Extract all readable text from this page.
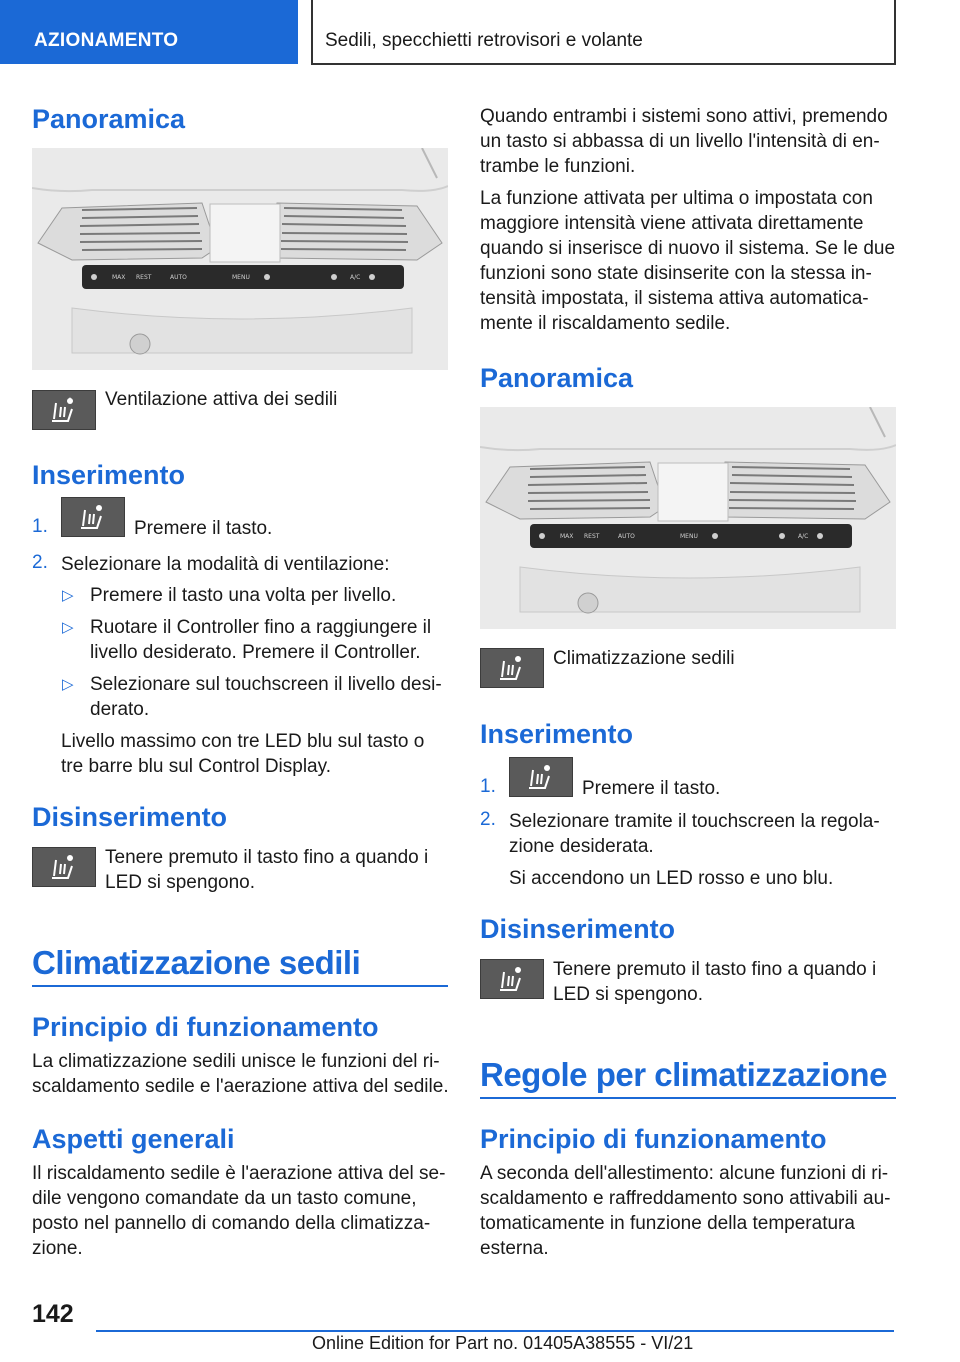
AZIONAMENTO	Sedili, specchietti retrovisori e volante
Panoramica
MAX REST	AUTO	MENU	A/C
Ventilazione attiva dei sedili
Inserimento
1.	Premere il tasto.
2. Selezionare la modalità di ventilazione:
▷ Premere il tasto una volta per livello.
▷ Ruotare il Controller fino a raggiungere il
livello desiderato. Premere il Controller.
▷ Selezionare sul touchscreen il livello desi-
derato.
Livello massimo con tre LED blu sul tasto o
tre barre blu sul Control Display.
Disinserimento
Tenere premuto il tasto fino a quando i
LED si spengono.
Climatizzazione sedili
Principio di funzionamento
La climatizzazione sedili unisce le funzioni del ri-
scaldamento sedile e l'aerazione attiva del sedile.
Aspetti generali
Il riscaldamento sedile è l'aerazione attiva del se-
dile vengono comandate da un tasto comune,
posto nel pannello di comando della climatizza-
zione.
Quando entrambi i sistemi sono attivi, premendo
un tasto si abbassa di un livello l'intensità di en-
trambe le funzioni.
La funzione attivata per ultima o impostata con
maggiore intensità viene attivata direttamente
quando si inserisce di nuovo il sistema. Se le due
funzioni sono state disinserite con la stessa in-
tensità impostata, il sistema attiva automatica-
mente il riscaldamento sedile.
Panoramica
MAX REST	AUTO	MENU	A/C
Climatizzazione sedili
Inserimento
1.	Premere il tasto.
2. Selezionare tramite il touchscreen la regola-
zione desiderata.
Si accendono un LED rosso e uno blu.
Disinserimento
Tenere premuto il tasto fino a quando i
LED si spengono.
Regole per climatizzazione
Principio di funzionamento
A seconda dell'allestimento: alcune funzioni di ri-
scaldamento e raffreddamento sono attivabili au-
tomaticamente in funzione della temperatura
esterna.
142
Online Edition for Part no. 01405A38555 - VI/21
